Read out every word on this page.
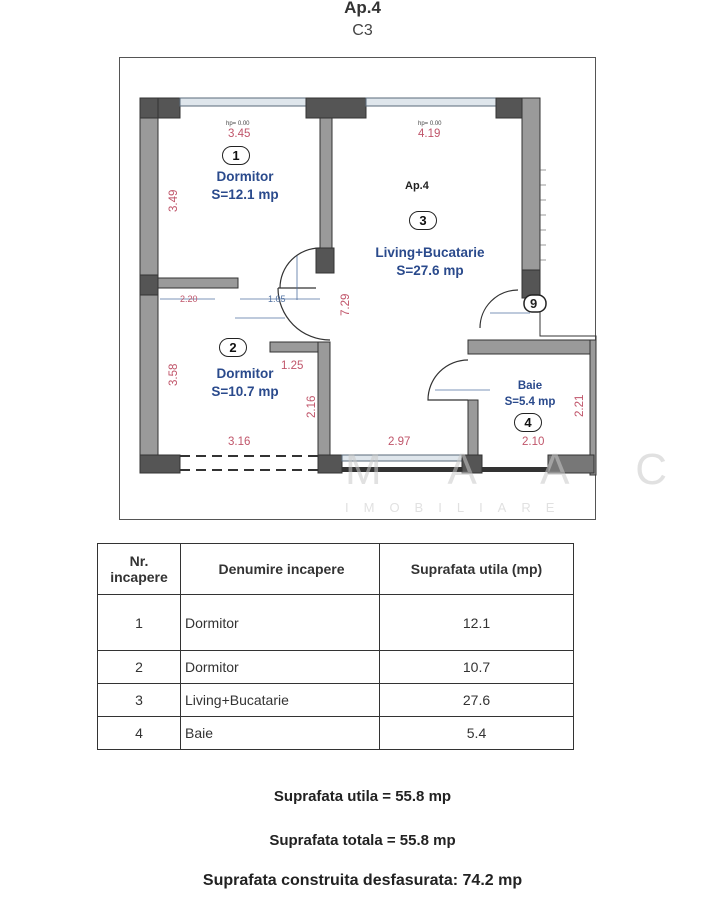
Ap.4
C3
M A A C
IMOBILIARE
hp= 0.00
3.45
3.49
1
Dormitor
S=12.1 mp
2.20	1.05
2
1.25
3.58
2.16
Dormitor
S=10.7 mp
3.16
hp= 0.00
4.19
Ap.4
3
Living+Bucatarie
S=27.6 mp
7.29
2.97
9
Baie
S=5.4 mp
4
2.21
2.10
Nr. incapere	Denumire incapere	Suprafata utila (mp)
1	Dormitor	12.1
2	Dormitor	10.7
3	Living+Bucatarie	27.6
4	Baie	5.4
Suprafata utila = 55.8 mp
Suprafata totala = 55.8 mp
Suprafata construita desfasurata: 74.2 mp
